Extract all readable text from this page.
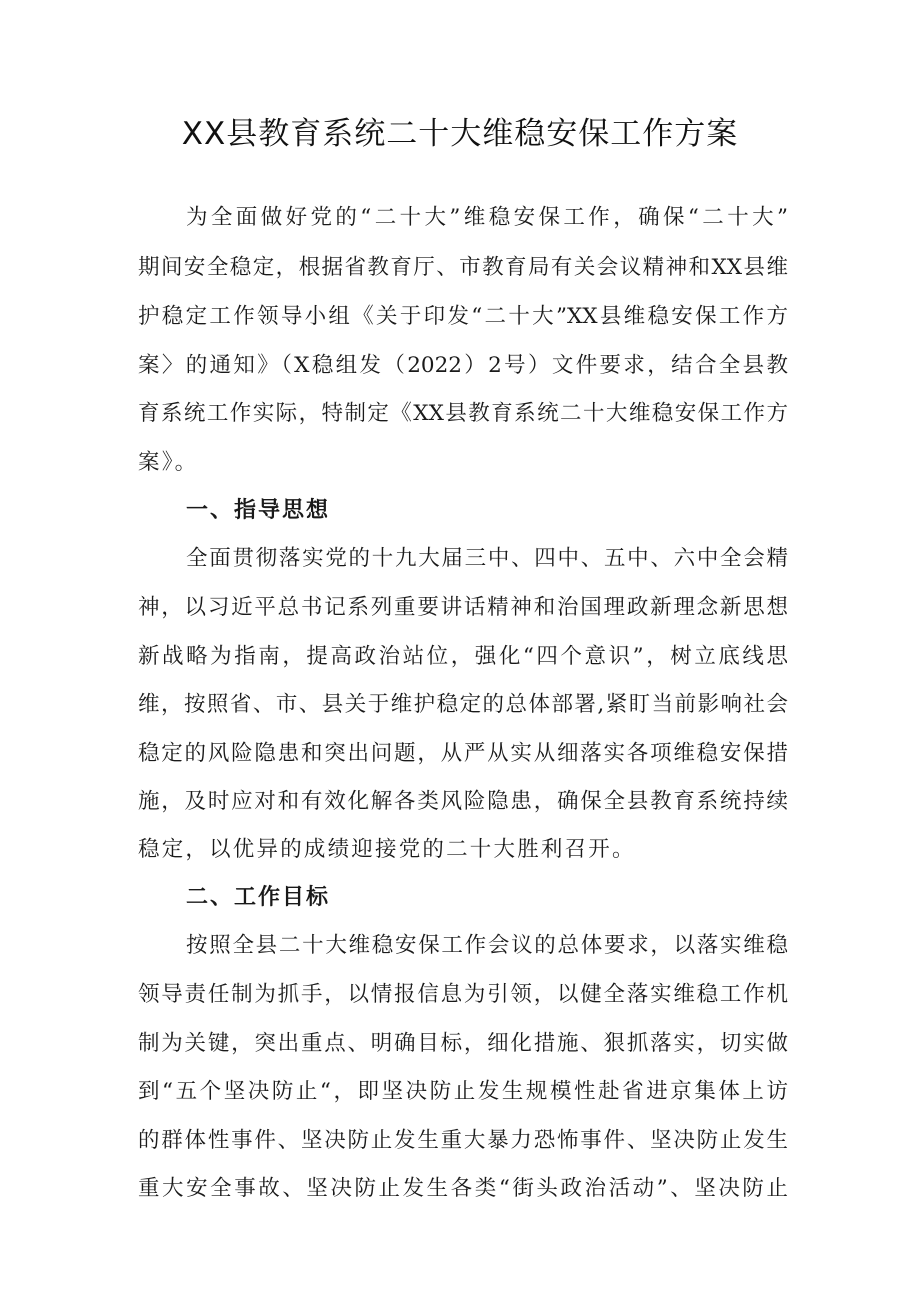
XX县教育系统二十大维稳安保工作方案
为全面做好党的“二十大”维稳安保工作，确保“二十大”
期间安全稳定，根据省教育厅、市教育局有关会议精神和XX县维
护稳定工作领导小组《关于印发“二十大”XX县维稳安保工作方
案〉的通知》（X稳组发（2022）2号）文件要求，结合全县教
育系统工作实际，特制定《XX县教育系统二十大维稳安保工作方
案》。
一、指导思想
全面贯彻落实党的十九大届三中、四中、五中、六中全会精
神，以习近平总书记系列重要讲话精神和治国理政新理念新思想
新战略为指南，提高政治站位，强化“四个意识”，树立底线思
维，按照省、市、县关于维护稳定的总体部署,紧盯当前影响社会
稳定的风险隐患和突出问题，从严从实从细落实各项维稳安保措
施，及时应对和有效化解各类风险隐患，确保全县教育系统持续
稳定，以优异的成绩迎接党的二十大胜利召开。
二、工作目标
按照全县二十大维稳安保工作会议的总体要求，以落实维稳
领导责任制为抓手，以情报信息为引领，以健全落实维稳工作机
制为关键，突出重点、明确目标，细化措施、狠抓落实，切实做
到“五个坚决防止“，即坚决防止发生规模性赴省进京集体上访
的群体性事件、坚决防止发生重大暴力恐怖事件、坚决防止发生
重大安全事故、坚决防止发生各类“街头政治活动”、坚决防止
